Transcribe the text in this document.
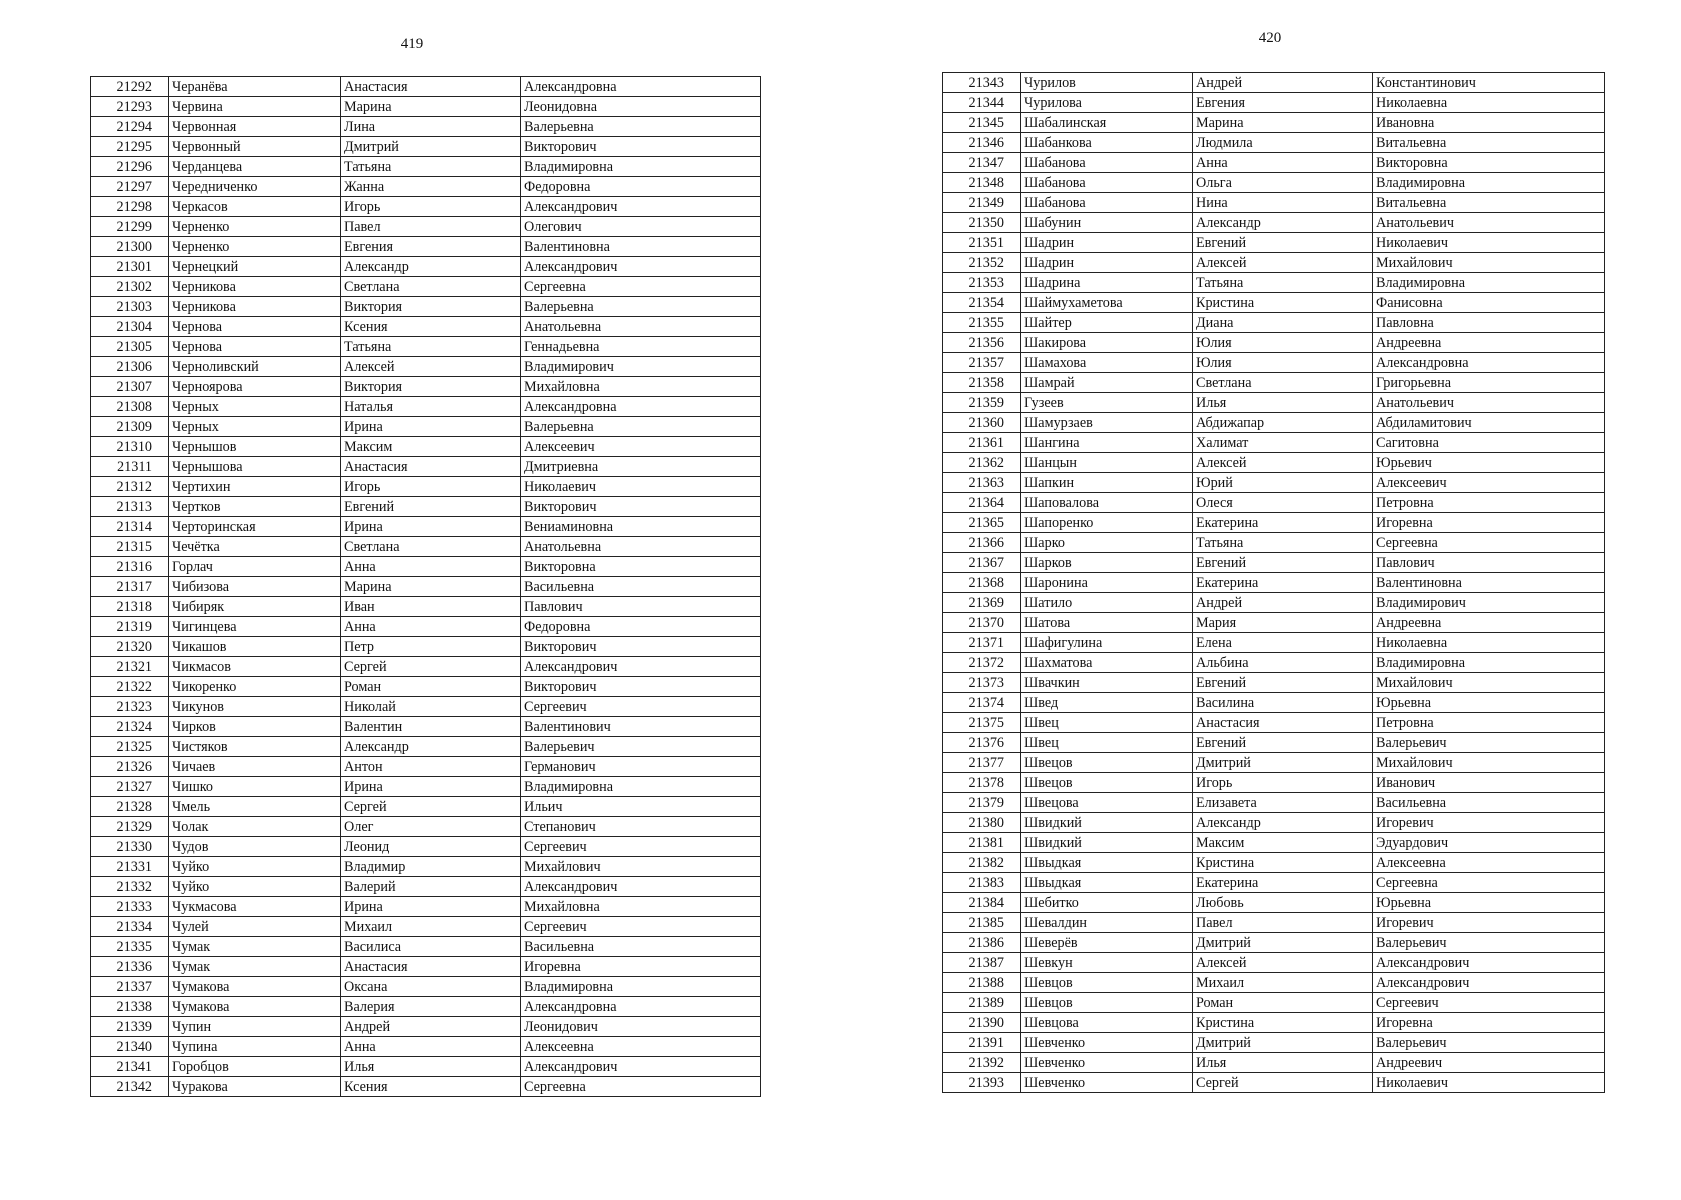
419
21292	Черанёва	Анастасия	Александровна
21293	Червина	Марина	Леонидовна
21294	Червонная	Лина	Валерьевна
21295	Червонный	Дмитрий	Викторович
21296	Черданцева	Татьяна	Владимировна
21297	Чередниченко	Жанна	Федоровна
21298	Черкасов	Игорь	Александрович
21299	Черненко	Павел	Олегович
21300	Черненко	Евгения	Валентиновна
21301	Чернецкий	Александр	Александрович
21302	Черникова	Светлана	Сергеевна
21303	Черникова	Виктория	Валерьевна
21304	Чернова	Ксения	Анатольевна
21305	Чернова	Татьяна	Геннадьевна
21306	Черноливский	Алексей	Владимирович
21307	Черноярова	Виктория	Михайловна
21308	Черных	Наталья	Александровна
21309	Черных	Ирина	Валерьевна
21310	Чернышов	Максим	Алексеевич
21311	Чернышова	Анастасия	Дмитриевна
21312	Чертихин	Игорь	Николаевич
21313	Чертков	Евгений	Викторович
21314	Черторинская	Ирина	Вениаминовна
21315	Чечётка	Светлана	Анатольевна
21316	Горлач	Анна	Викторовна
21317	Чибизова	Марина	Васильевна
21318	Чибиряк	Иван	Павлович
21319	Чигинцева	Анна	Федоровна
21320	Чикашов	Петр	Викторович
21321	Чикмасов	Сергей	Александрович
21322	Чикоренко	Роман	Викторович
21323	Чикунов	Николай	Сергеевич
21324	Чирков	Валентин	Валентинович
21325	Чистяков	Александр	Валерьевич
21326	Чичаев	Антон	Германович
21327	Чишко	Ирина	Владимировна
21328	Чмель	Сергей	Ильич
21329	Чолак	Олег	Степанович
21330	Чудов	Леонид	Сергеевич
21331	Чуйко	Владимир	Михайлович
21332	Чуйко	Валерий	Александрович
21333	Чукмасова	Ирина	Михайловна
21334	Чулей	Михаил	Сергеевич
21335	Чумак	Василиса	Васильевна
21336	Чумак	Анастасия	Игоревна
21337	Чумакова	Оксана	Владимировна
21338	Чумакова	Валерия	Александровна
21339	Чупин	Андрей	Леонидович
21340	Чупина	Анна	Алексеевна
21341	Горобцов	Илья	Александрович
21342	Чуракова	Ксения	Сергеевна
420
21343	Чурилов	Андрей	Константинович
21344	Чурилова	Евгения	Николаевна
21345	Шабалинская	Марина	Ивановна
21346	Шабанкова	Людмила	Витальевна
21347	Шабанова	Анна	Викторовна
21348	Шабанова	Ольга	Владимировна
21349	Шабанова	Нина	Витальевна
21350	Шабунин	Александр	Анатольевич
21351	Шадрин	Евгений	Николаевич
21352	Шадрин	Алексей	Михайлович
21353	Шадрина	Татьяна	Владимировна
21354	Шаймухаметова	Кристина	Фанисовна
21355	Шайтер	Диана	Павловна
21356	Шакирова	Юлия	Андреевна
21357	Шамахова	Юлия	Александровна
21358	Шамрай	Светлана	Григорьевна
21359	Гузеев	Илья	Анатольевич
21360	Шамурзаев	Абдижапар	Абдиламитович
21361	Шангина	Халимат	Сагитовна
21362	Шанцын	Алексей	Юрьевич
21363	Шапкин	Юрий	Алексеевич
21364	Шаповалова	Олеся	Петровна
21365	Шапоренко	Екатерина	Игоревна
21366	Шарко	Татьяна	Сергеевна
21367	Шарков	Евгений	Павлович
21368	Шаронина	Екатерина	Валентиновна
21369	Шатило	Андрей	Владимирович
21370	Шатова	Мария	Андреевна
21371	Шафигулина	Елена	Николаевна
21372	Шахматова	Альбина	Владимировна
21373	Швачкин	Евгений	Михайлович
21374	Швед	Василина	Юрьевна
21375	Швец	Анастасия	Петровна
21376	Швец	Евгений	Валерьевич
21377	Швецов	Дмитрий	Михайлович
21378	Швецов	Игорь	Иванович
21379	Швецова	Елизавета	Васильевна
21380	Швидкий	Александр	Игоревич
21381	Швидкий	Максим	Эдуардович
21382	Швыдкая	Кристина	Алексеевна
21383	Швыдкая	Екатерина	Сергеевна
21384	Шебитко	Любовь	Юрьевна
21385	Шевалдин	Павел	Игоревич
21386	Шеверёв	Дмитрий	Валерьевич
21387	Шевкун	Алексей	Александрович
21388	Шевцов	Михаил	Александрович
21389	Шевцов	Роман	Сергеевич
21390	Шевцова	Кристина	Игоревна
21391	Шевченко	Дмитрий	Валерьевич
21392	Шевченко	Илья	Андреевич
21393	Шевченко	Сергей	Николаевич
